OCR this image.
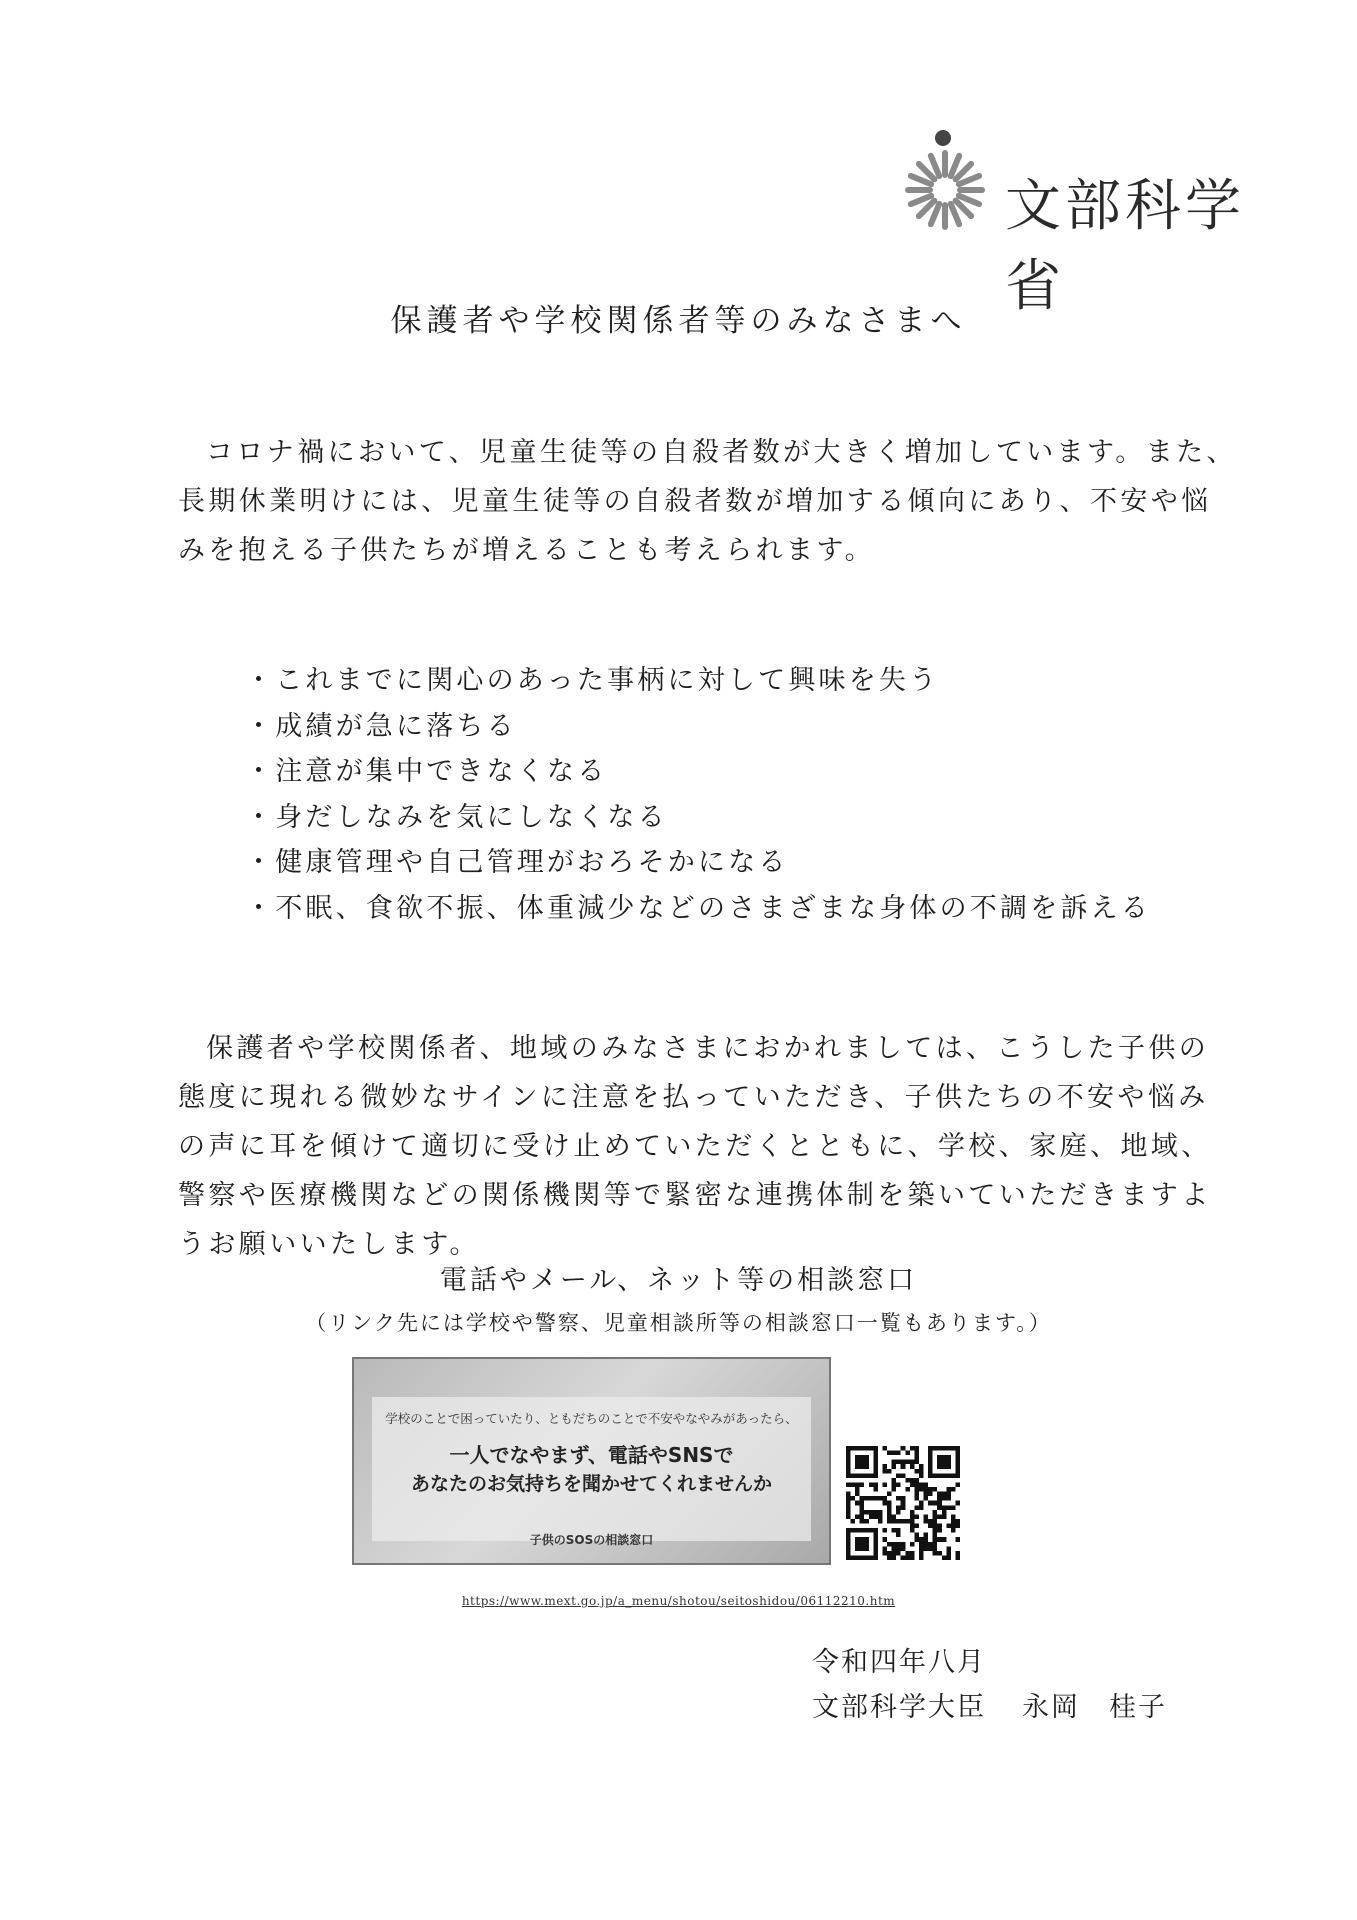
文部科学省
保護者や学校関係者等のみなさまへ
コロナ禍において、児童生徒等の自殺者数が大きく増加しています。また、
長期休業明けには、児童生徒等の自殺者数が増加する傾向にあり、不安や悩
みを抱える子供たちが増えることも考えられます。
・ これまでに関心のあった事柄に対して興味を失う
・ 成績が急に落ちる
・ 注意が集中できなくなる
・ 身だしなみを気にしなくなる
・ 健康管理や自己管理がおろそかになる
・ 不眠、食欲不振、体重減少などのさまざまな身体の不調を訴える
保護者や学校関係者、地域のみなさまにおかれましては、こうした子供の
態度に現れる微妙なサインに注意を払っていただき、子供たちの不安や悩み
の声に耳を傾けて適切に受け止めていただくとともに、学校、家庭、地域、
警察や医療機関などの関係機関等で緊密な連携体制を築いていただきますよ
うお願いいたします。
電話やメール、ネット等の相談窓口
（リンク先には学校や警察、児童相談所等の相談窓口一覧もあります。）
学校のことで困っていたり、ともだちのことで不安やなやみがあったら、
一人でなやまず、電話やSNSで
あなたのお気持ちを聞かせてくれませんか
子供のSOSの相談窓口
https://www.mext.go.jp/a_menu/shotou/seitoshidou/06112210.htm
令和四年八月
文部科学大臣 永岡　桂子
